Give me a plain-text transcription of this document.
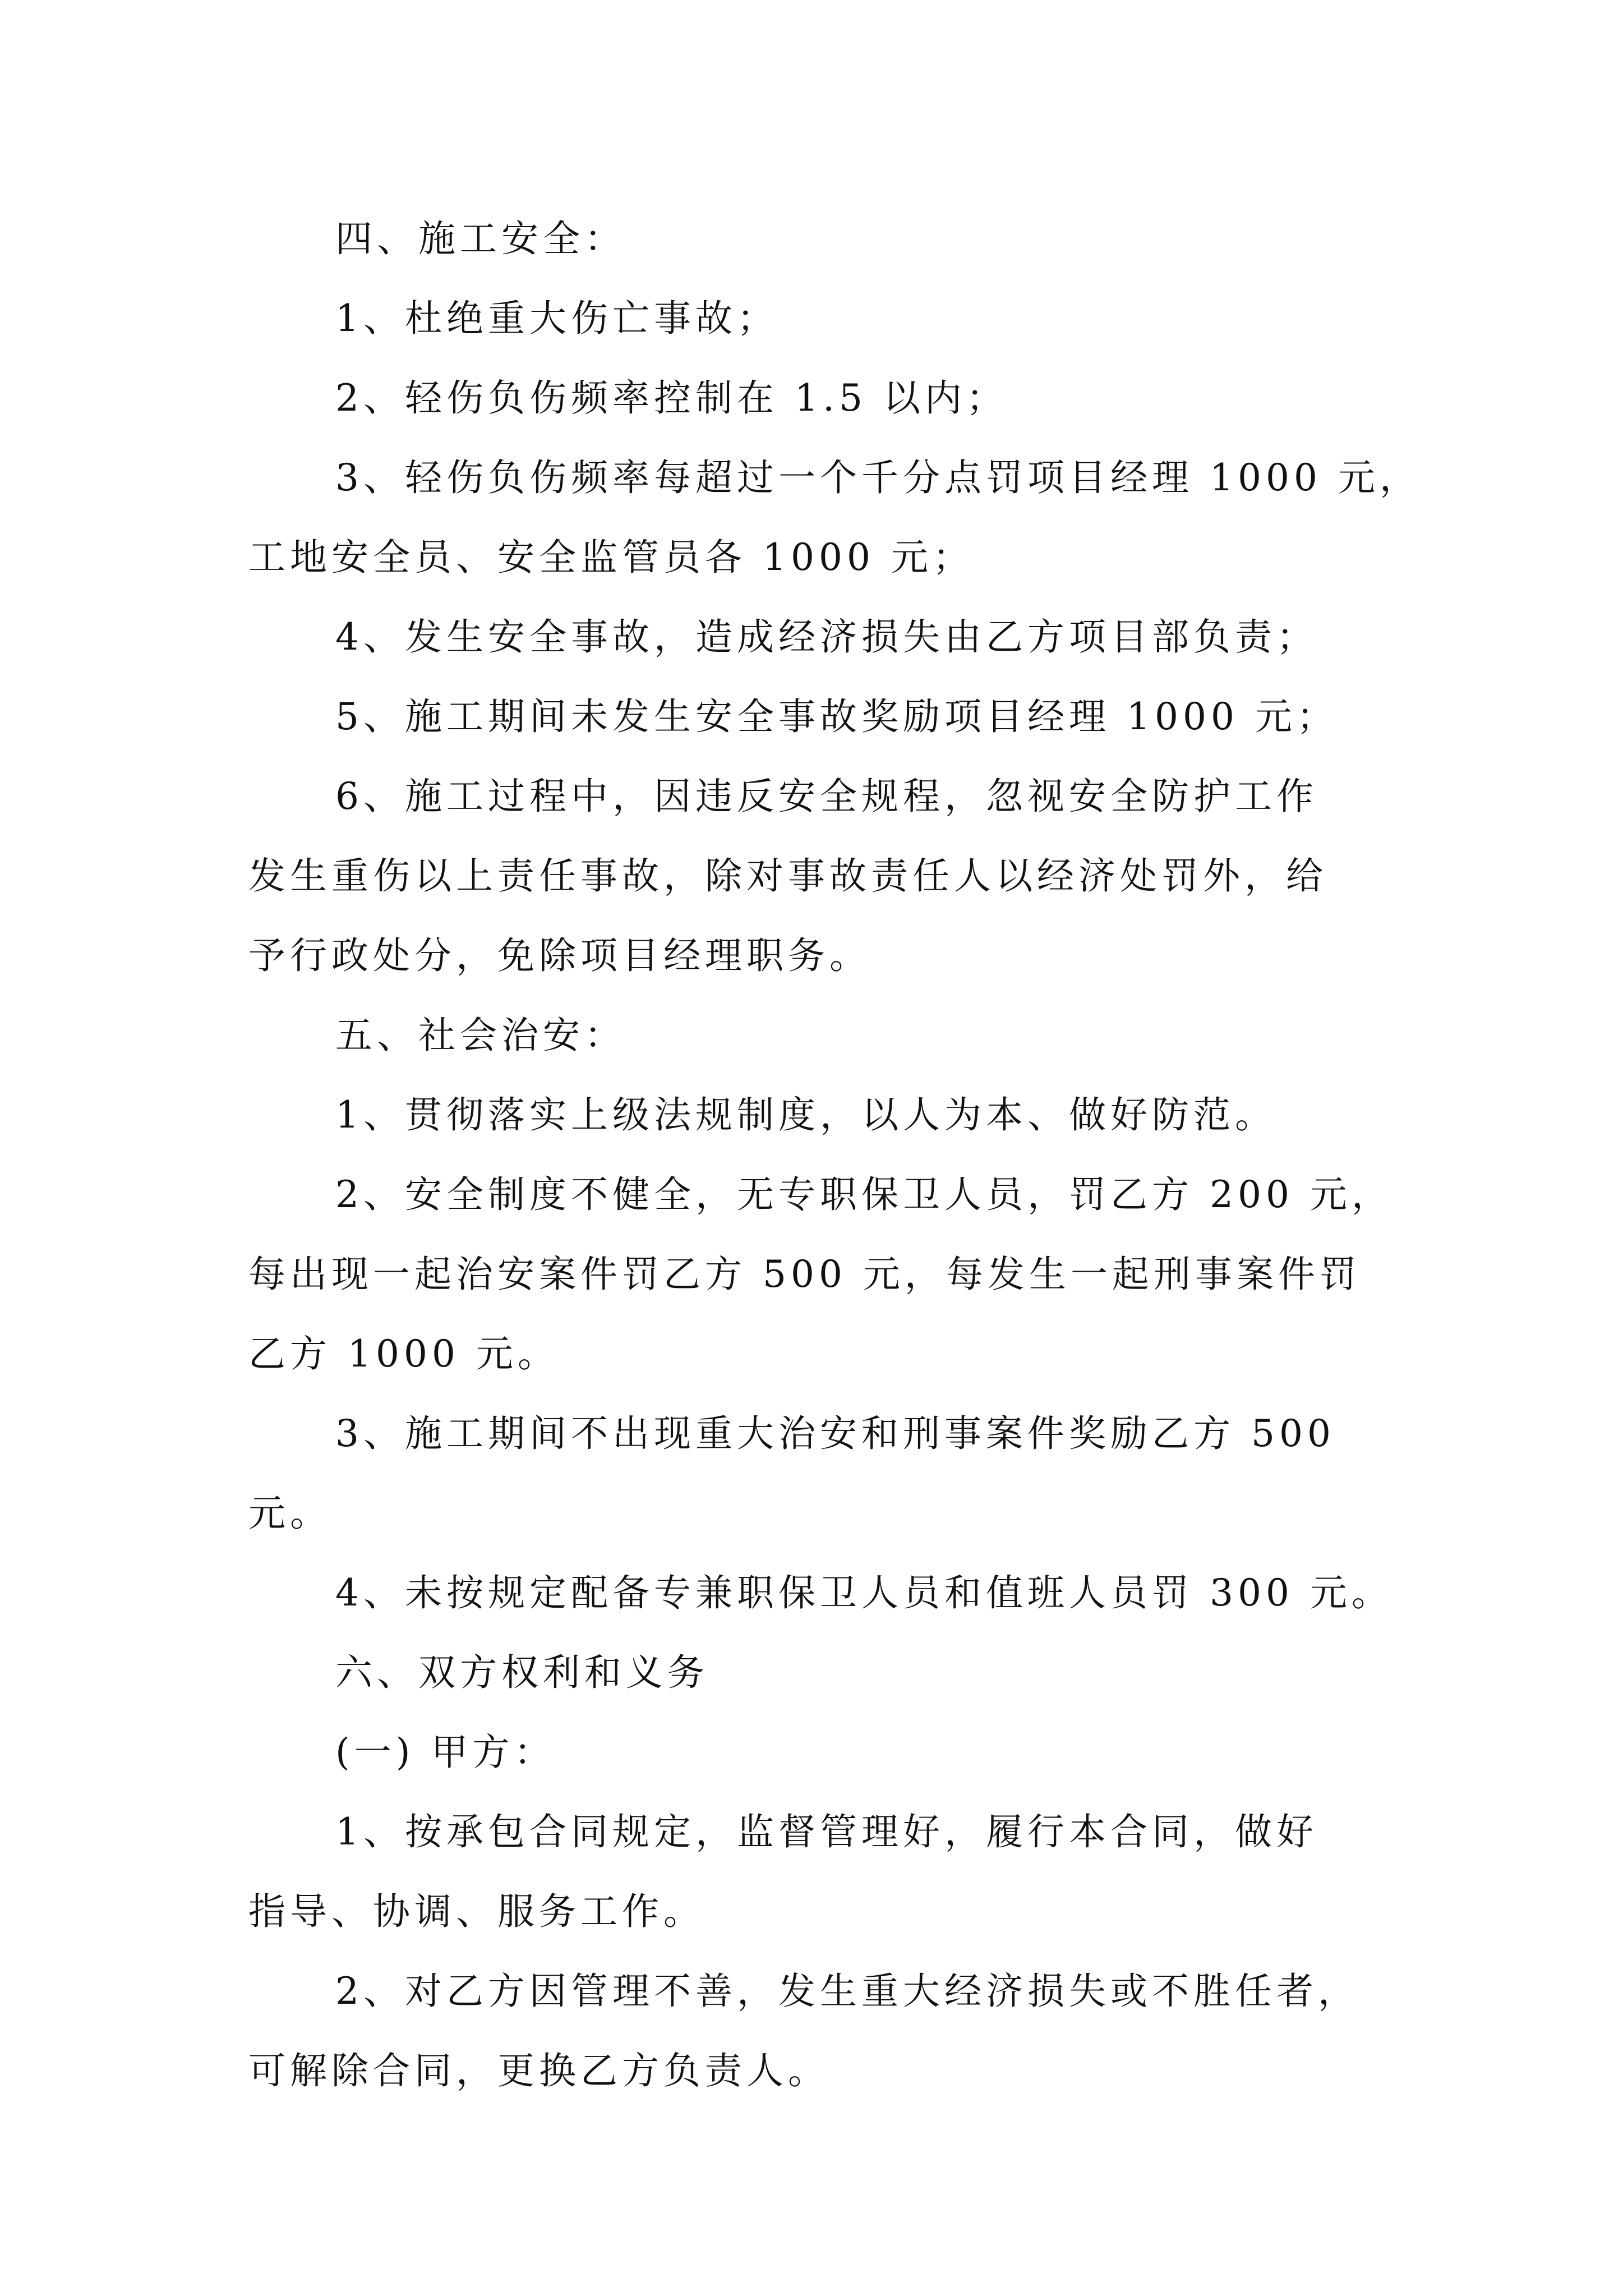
四、施工安全：

1、杜绝重大伤亡事故；

2、轻伤负伤频率控制在 1.5 以内；

3、轻伤负伤频率每超过一个千分点罚项目经理 1000 元，

工地安全员、安全监管员各 1000 元；

4、发生安全事故，造成经济损失由乙方项目部负责；

5、施工期间未发生安全事故奖励项目经理 1000 元；

6、施工过程中，因违反安全规程，忽视安全防护工作

发生重伤以上责任事故，除对事故责任人以经济处罚外，给

予行政处分，免除项目经理职务。

五、社会治安：

1、贯彻落实上级法规制度，以人为本、做好防范。

2、安全制度不健全，无专职保卫人员，罚乙方 200 元，

每出现一起治安案件罚乙方 500 元，每发生一起刑事案件罚

乙方 1000 元。

3、施工期间不出现重大治安和刑事案件奖励乙方 500

元。

4、未按规定配备专兼职保卫人员和值班人员罚 300 元。

六、双方权利和义务

(一) 甲方：

1、按承包合同规定，监督管理好，履行本合同，做好

指导、协调、服务工作。

2、对乙方因管理不善，发生重大经济损失或不胜任者，

可解除合同，更换乙方负责人。
